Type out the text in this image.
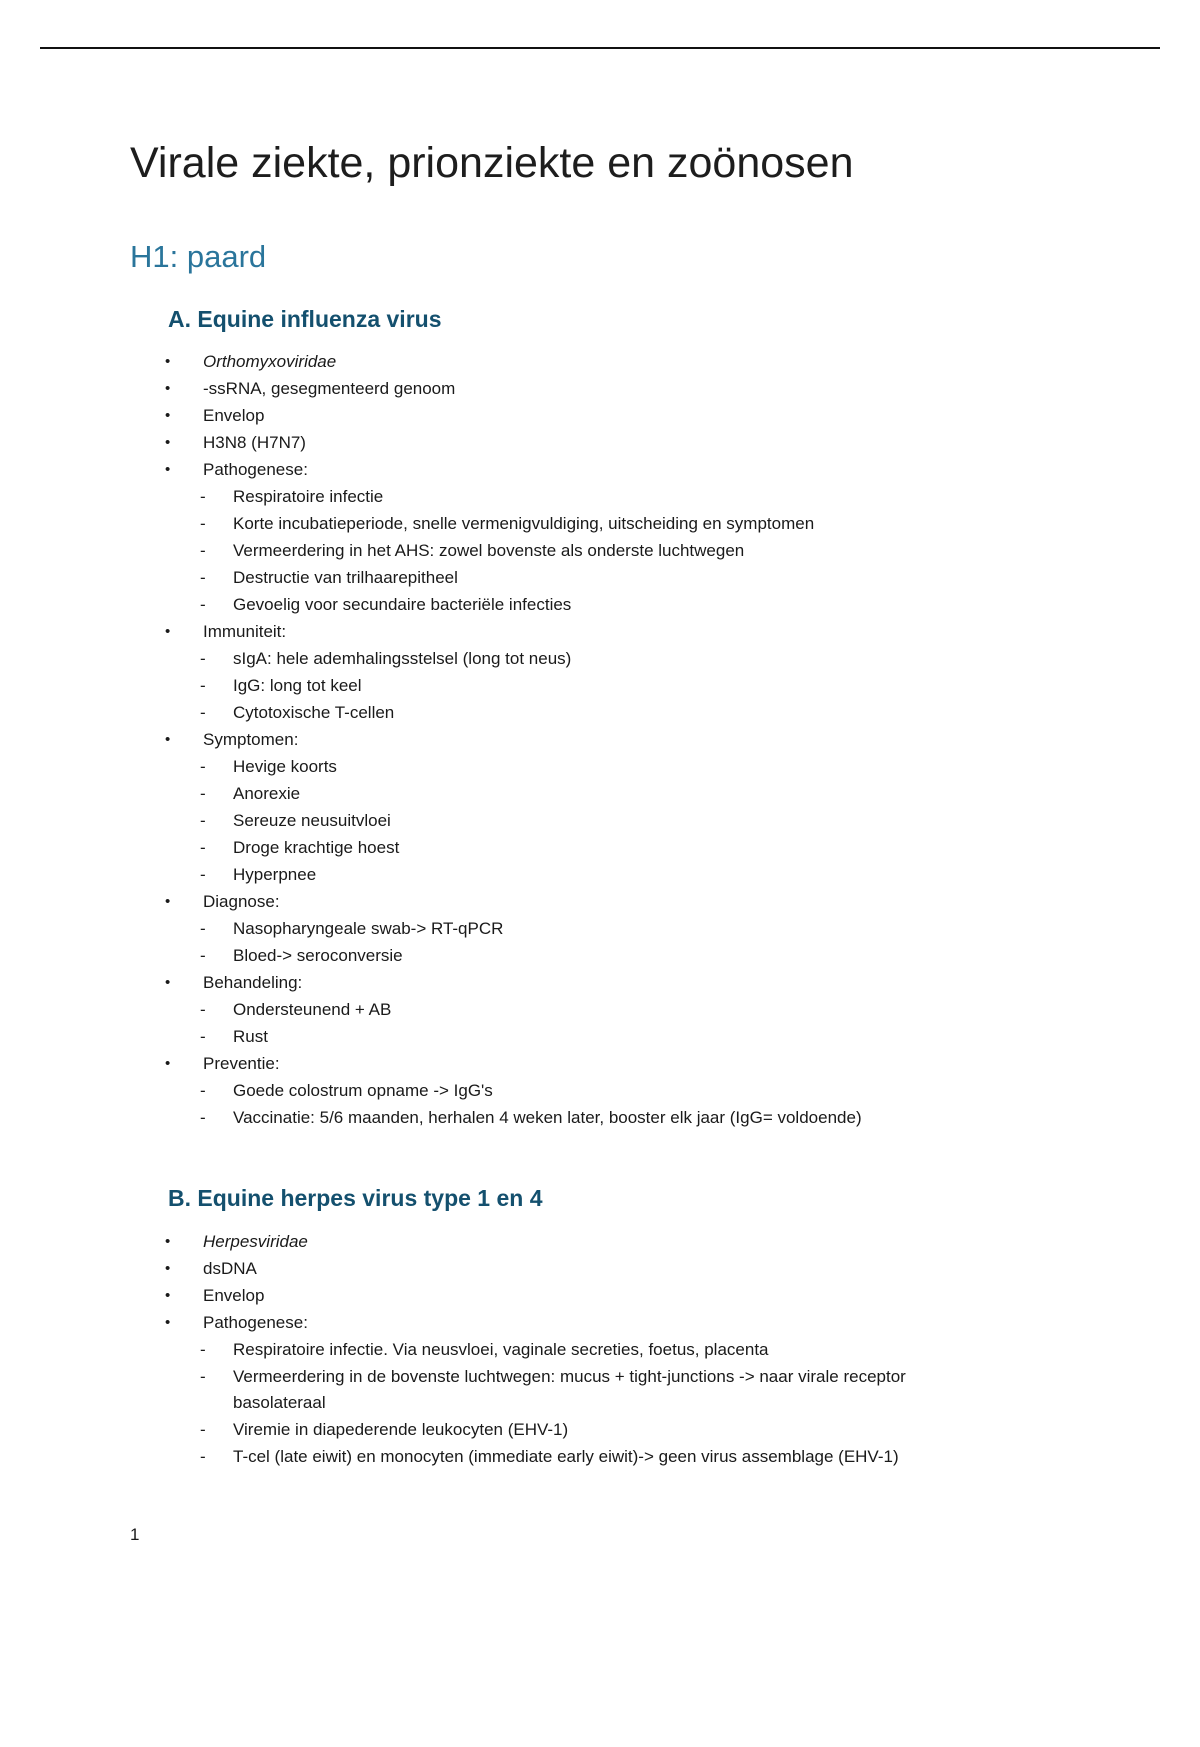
Virale ziekte, prionziekte en zoönosen
H1: paard
A. Equine influenza virus
•	Orthomyxoviridae
•	-ssRNA, gesegmenteerd genoom
•	Envelop
•	H3N8 (H7N7)
•	Pathogenese:
-	Respiratoire infectie
-	Korte incubatieperiode, snelle vermenigvuldiging, uitscheiding en symptomen
-	Vermeerdering in het AHS: zowel bovenste als onderste luchtwegen
-	Destructie van trilhaarepitheel
-	Gevoelig voor secundaire bacteriële infecties
•	Immuniteit:
-	sIgA: hele ademhalingsstelsel (long tot neus)
-	IgG: long tot keel
-	Cytotoxische T-cellen
•	Symptomen:
-	Hevige koorts
-	Anorexie
-	Sereuze neusuitvloei
-	Droge krachtige hoest
-	Hyperpnee
•	Diagnose:
-	Nasopharyngeale swab-> RT-qPCR
-	Bloed-> seroconversie
•	Behandeling:
-	Ondersteunend + AB
-	Rust
•	Preventie:
-	Goede colostrum opname -> IgG's
-	Vaccinatie: 5/6 maanden, herhalen 4 weken later, booster elk jaar (IgG= voldoende)
B. Equine herpes virus type 1 en 4
•	Herpesviridae
•	dsDNA
•	Envelop
•	Pathogenese:
-	Respiratoire infectie. Via neusvloei, vaginale secreties, foetus, placenta
-	Vermeerdering in de bovenste luchtwegen: mucus + tight-junctions -> naar virale receptor basolateraal
-	Viremie in diapederende leukocyten (EHV-1)
-	T-cel (late eiwit) en monocyten (immediate early eiwit)-> geen virus assemblage (EHV-1)
1
